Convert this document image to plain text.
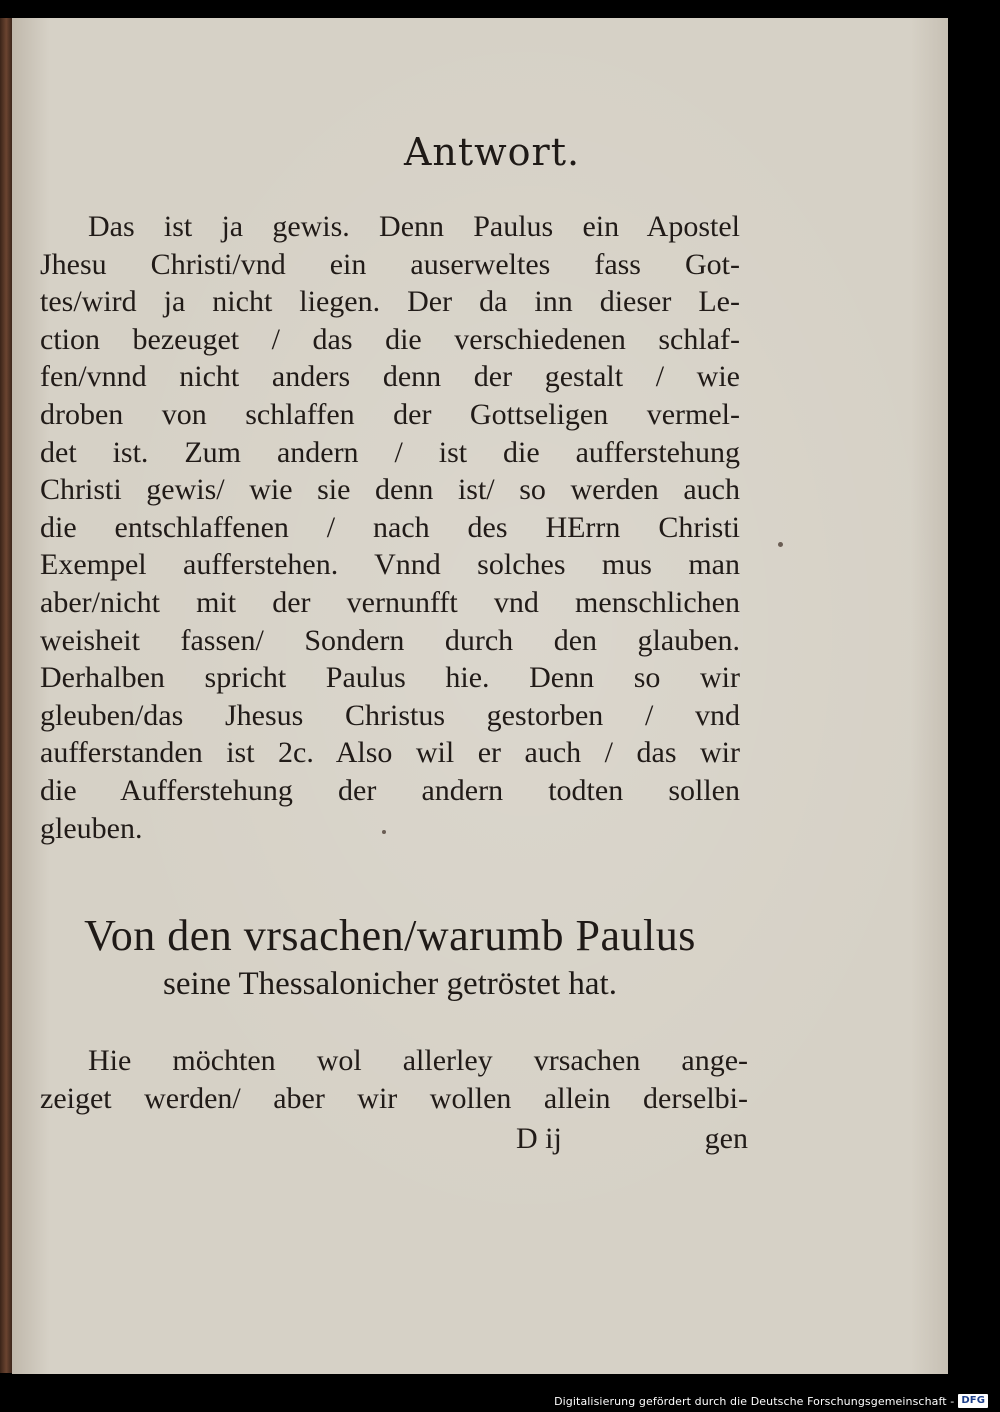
Antwort.
Das ist ja gewis. Denn Paulus ein Apostel
Jhesu Christi/vnd ein auserweltes fass Got-
tes/wird ja nicht liegen. Der da inn dieser Le-
ction bezeuget / das die verschiedenen schlaf-
fen/vnnd nicht anders denn der gestalt / wie
droben von schlaffen der Gottseligen vermel-
det ist. Zum andern / ist die aufferstehung
Christi gewis/ wie sie denn ist/ so werden auch
die entschlaffenen / nach des HErrn Christi
Exempel aufferstehen. Vnnd solches mus man
aber/nicht mit der vernunfft vnd menschlichen
weisheit fassen/ Sondern durch den glauben.
Derhalben spricht Paulus hie. Denn so wir
gleuben/das Jhesus Christus gestorben / vnd
aufferstanden ist 2c. Also wil er auch / das wir
die Aufferstehung der andern todten sollen
gleuben.
Von den vrsachen/warumb Paulus
seine Thessalonicher getröstet hat.
Hie möchten wol allerley vrsachen ange-
zeiget werden/ aber wir wollen allein derselbi-
D ij	gen
Digitalisierung gefördert durch die Deutsche Forschungsgemeinschaft - DFG
